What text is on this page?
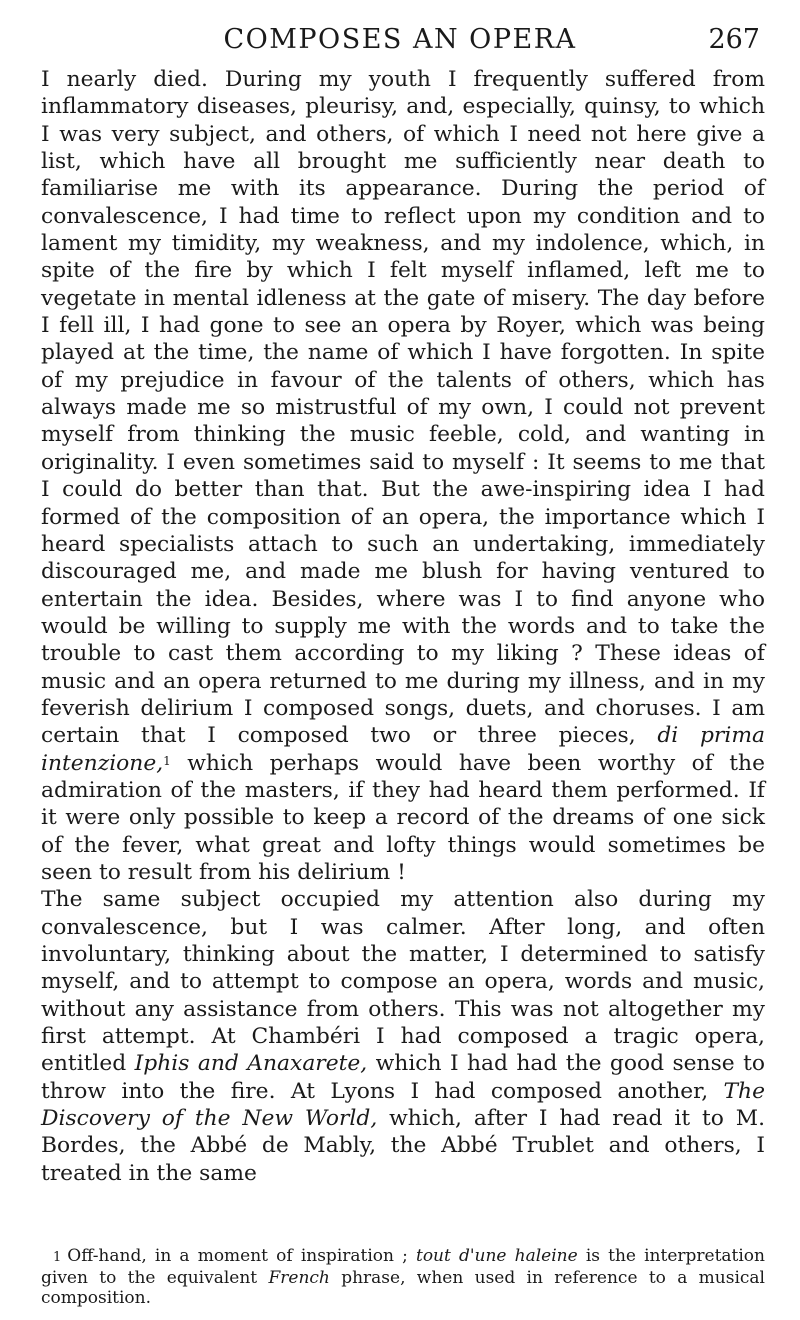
COMPOSES AN OPERA	267

I nearly died. During my youth I frequently suffered from inflammatory diseases, pleurisy, and, especially, quinsy, to which I was very subject, and others, of which I need not here give a list, which have all brought me sufficiently near death to familiarise me with its appearance. During the period of convalescence, I had time to reflect upon my condition and to lament my timidity, my weakness, and my indolence, which, in spite of the fire by which I felt myself inflamed, left me to vegetate in mental idleness at the gate of misery. The day before I fell ill, I had gone to see an opera by Royer, which was being played at the time, the name of which I have forgotten. In spite of my prejudice in favour of the talents of others, which has always made me so mistrustful of my own, I could not prevent myself from thinking the music feeble, cold, and wanting in originality. I even sometimes said to myself : It seems to me that I could do better than that. But the awe-inspiring idea I had formed of the composition of an opera, the importance which I heard specialists attach to such an undertaking, immediately discouraged me, and made me blush for having ventured to entertain the idea. Besides, where was I to find anyone who would be willing to supply me with the words and to take the trouble to cast them according to my liking ? These ideas of music and an opera returned to me during my illness, and in my feverish delirium I composed songs, duets, and choruses. I am certain that I composed two or three pieces, di prima intenzione,$^1$ which perhaps would have been worthy of the admiration of the masters, if they had heard them performed. If it were only possible to keep a record of the dreams of one sick of the fever, what great and lofty things would sometimes be seen to result from his delirium !

The same subject occupied my attention also during my convalescence, but I was calmer. After long, and often involuntary, thinking about the matter, I determined to satisfy myself, and to attempt to compose an opera, words and music, without any assistance from others. This was not altogether my first attempt. At Chambéri I had composed a tragic opera, entitled Iphis and Anaxarete, which I had had the good sense to throw into the fire. At Lyons I had composed another, The Discovery of the New World, which, after I had read it to M. Bordes, the Abbé de Mably, the Abbé Trublet and others, I treated in the same

1 Off-hand, in a moment of inspiration ; tout d'une haleine is the interpretation given to the equivalent French phrase, when used in reference to a musical composition.
